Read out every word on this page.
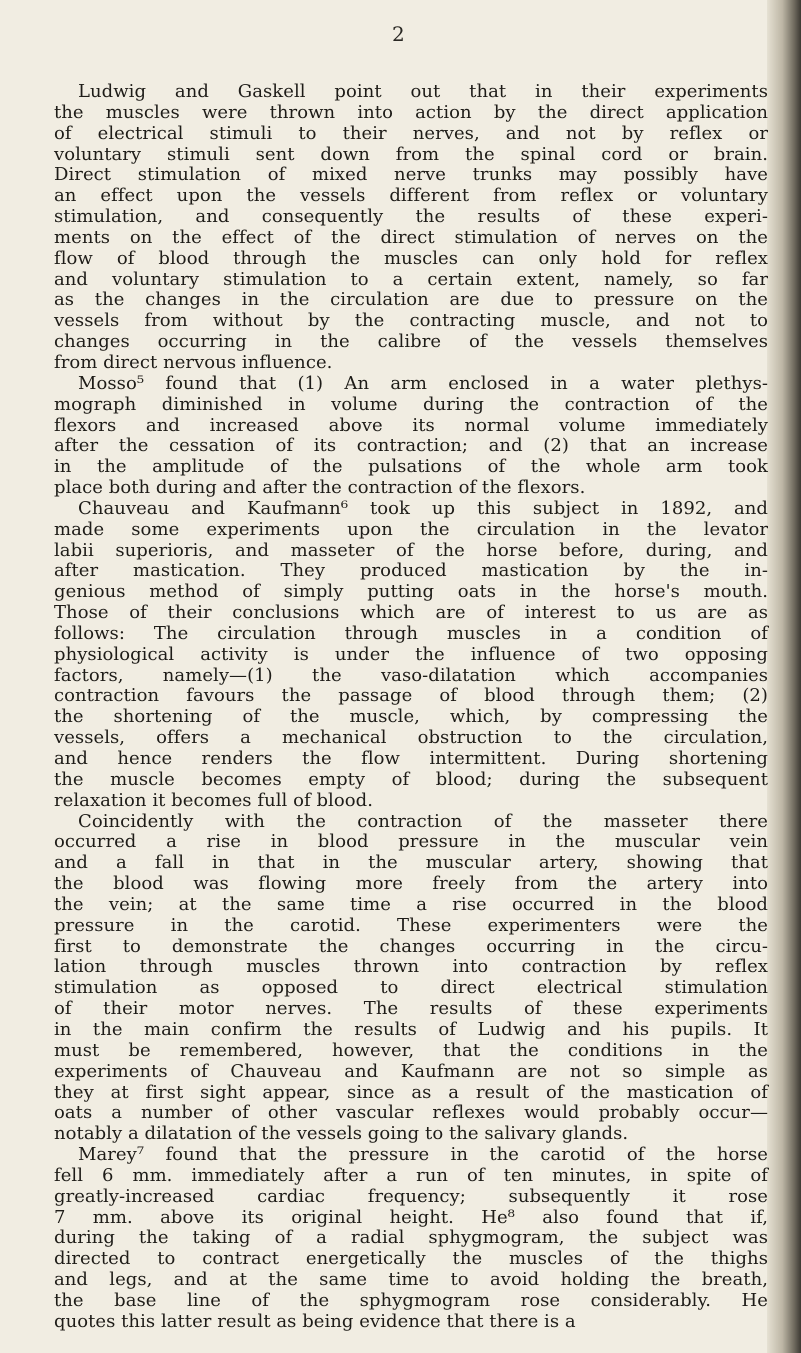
2
Ludwig and Gaskell point out that in their experiments
the muscles were thrown into action by the direct application
of electrical stimuli to their nerves, and not by reflex or
voluntary stimuli sent down from the spinal cord or brain.
Direct stimulation of mixed nerve trunks may possibly have
an effect upon the vessels different from reflex or voluntary
stimulation, and consequently the results of these experi-
ments on the effect of the direct stimulation of nerves on the
flow of blood through the muscles can only hold for reflex
and voluntary stimulation to a certain extent, namely, so far
as the changes in the circulation are due to pressure on the
vessels from without by the contracting muscle, and not to
changes occurring in the calibre of the vessels themselves
from direct nervous influence.
Mosso⁵ found that (1) An arm enclosed in a water plethys-
mograph diminished in volume during the contraction of the
flexors and increased above its normal volume immediately
after the cessation of its contraction; and (2) that an increase
in the amplitude of the pulsations of the whole arm took
place both during and after the contraction of the flexors.
Chauveau and Kaufmann⁶ took up this subject in 1892, and
made some experiments upon the circulation in the levator
labii superioris, and masseter of the horse before, during, and
after mastication. They produced mastication by the in-
genious method of simply putting oats in the horse's mouth.
Those of their conclusions which are of interest to us are as
follows: The circulation through muscles in a condition of
physiological activity is under the influence of two opposing
factors, namely—(1) the vaso-dilatation which accompanies
contraction favours the passage of blood through them; (2)
the shortening of the muscle, which, by compressing the
vessels, offers a mechanical obstruction to the circulation,
and hence renders the flow intermittent. During shortening
the muscle becomes empty of blood; during the subsequent
relaxation it becomes full of blood.
Coincidently with the contraction of the masseter there
occurred a rise in blood pressure in the muscular vein
and a fall in that in the muscular artery, showing that
the blood was flowing more freely from the artery into
the vein; at the same time a rise occurred in the blood
pressure in the carotid. These experimenters were the
first to demonstrate the changes occurring in the circu-
lation through muscles thrown into contraction by reflex
stimulation as opposed to direct electrical stimulation
of their motor nerves. The results of these experiments
in the main confirm the results of Ludwig and his pupils. It
must be remembered, however, that the conditions in the
experiments of Chauveau and Kaufmann are not so simple as
they at first sight appear, since as a result of the mastication of
oats a number of other vascular reflexes would probably occur—
notably a dilatation of the vessels going to the salivary glands.
Marey⁷ found that the pressure in the carotid of the horse
fell 6 mm. immediately after a run of ten minutes, in spite of
greatly-increased cardiac frequency; subsequently it rose
7 mm. above its original height. He⁸ also found that if,
during the taking of a radial sphygmogram, the subject was
directed to contract energetically the muscles of the thighs
and legs, and at the same time to avoid holding the breath,
the base line of the sphygmogram rose considerably. He
quotes this latter result as being evidence that there is a
